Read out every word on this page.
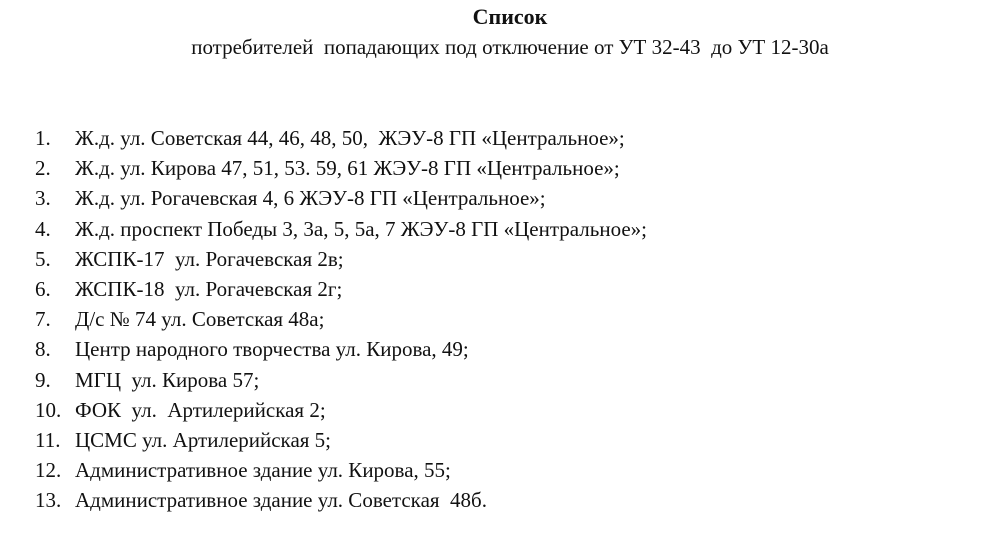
Список
потребителей  попадающих под отключение от УТ 32-43  до УТ 12-30а
1.	Ж.д. ул. Советская 44, 46, 48, 50,  ЖЭУ-8 ГП «Центральное»;
2.	Ж.д. ул. Кирова 47, 51, 53. 59, 61 ЖЭУ-8 ГП «Центральное»;
3.	Ж.д. ул. Рогачевская 4, 6 ЖЭУ-8 ГП «Центральное»;
4.	Ж.д. проспект Победы 3, 3а, 5, 5а, 7 ЖЭУ-8 ГП «Центральное»;
5.	ЖСПК-17  ул. Рогачевская 2в;
6.	ЖСПК-18  ул. Рогачевская 2г;
7.	Д/с № 74 ул. Советская 48а;
8.	Центр народного творчества ул. Кирова, 49;
9.	МГЦ  ул. Кирова 57;
10. ФОК  ул.  Артилерийская 2;
11. ЦСМС ул. Артилерийская 5;
12. Административное здание ул. Кирова, 55;
13. Административное здание ул. Советская  48б.
